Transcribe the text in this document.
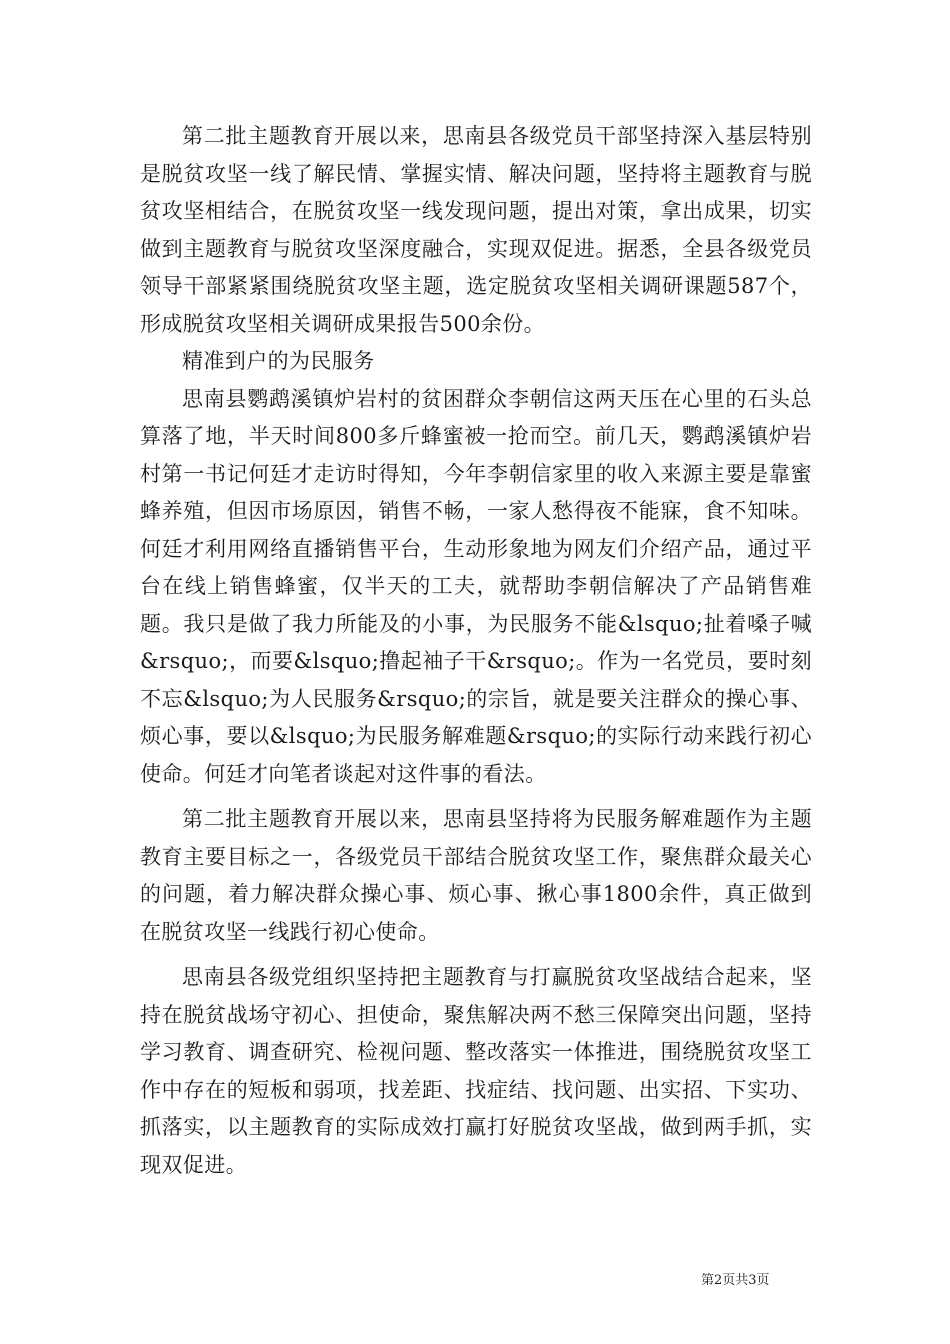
第二批主题教育开展以来，思南县各级党员干部坚持深入基层特别是脱贫攻坚一线了解民情、掌握实情、解决问题，坚持将主题教育与脱贫攻坚相结合，在脱贫攻坚一线发现问题，提出对策，拿出成果，切实做到主题教育与脱贫攻坚深度融合，实现双促进。据悉，全县各级党员领导干部紧紧围绕脱贫攻坚主题，选定脱贫攻坚相关调研课题587个，形成脱贫攻坚相关调研成果报告500余份。

精准到户的为民服务

思南县鹦鹉溪镇炉岩村的贫困群众李朝信这两天压在心里的石头总算落了地，半天时间800多斤蜂蜜被一抢而空。前几天，鹦鹉溪镇炉岩村第一书记何廷才走访时得知，今年李朝信家里的收入来源主要是靠蜜蜂养殖，但因市场原因，销售不畅，一家人愁得夜不能寐，食不知味。何廷才利用网络直播销售平台，生动形象地为网友们介绍产品，通过平台在线上销售蜂蜜，仅半天的工夫，就帮助李朝信解决了产品销售难题。我只是做了我力所能及的小事，为民服务不能&lsquo;扯着嗓子喊&rsquo;，而要&lsquo;撸起袖子干&rsquo;。作为一名党员，要时刻不忘&lsquo;为人民服务&rsquo;的宗旨，就是要关注群众的操心事、烦心事，要以&lsquo;为民服务解难题&rsquo;的实际行动来践行初心使命。何廷才向笔者谈起对这件事的看法。

第二批主题教育开展以来，思南县坚持将为民服务解难题作为主题教育主要目标之一，各级党员干部结合脱贫攻坚工作，聚焦群众最关心的问题，着力解决群众操心事、烦心事、揪心事1800余件，真正做到在脱贫攻坚一线践行初心使命。

思南县各级党组织坚持把主题教育与打赢脱贫攻坚战结合起来，坚持在脱贫战场守初心、担使命，聚焦解决两不愁三保障突出问题，坚持学习教育、调查研究、检视问题、整改落实一体推进，围绕脱贫攻坚工作中存在的短板和弱项，找差距、找症结、找问题、出实招、下实功、抓落实，以主题教育的实际成效打赢打好脱贫攻坚战，做到两手抓，实现双促进。

第2页共3页
